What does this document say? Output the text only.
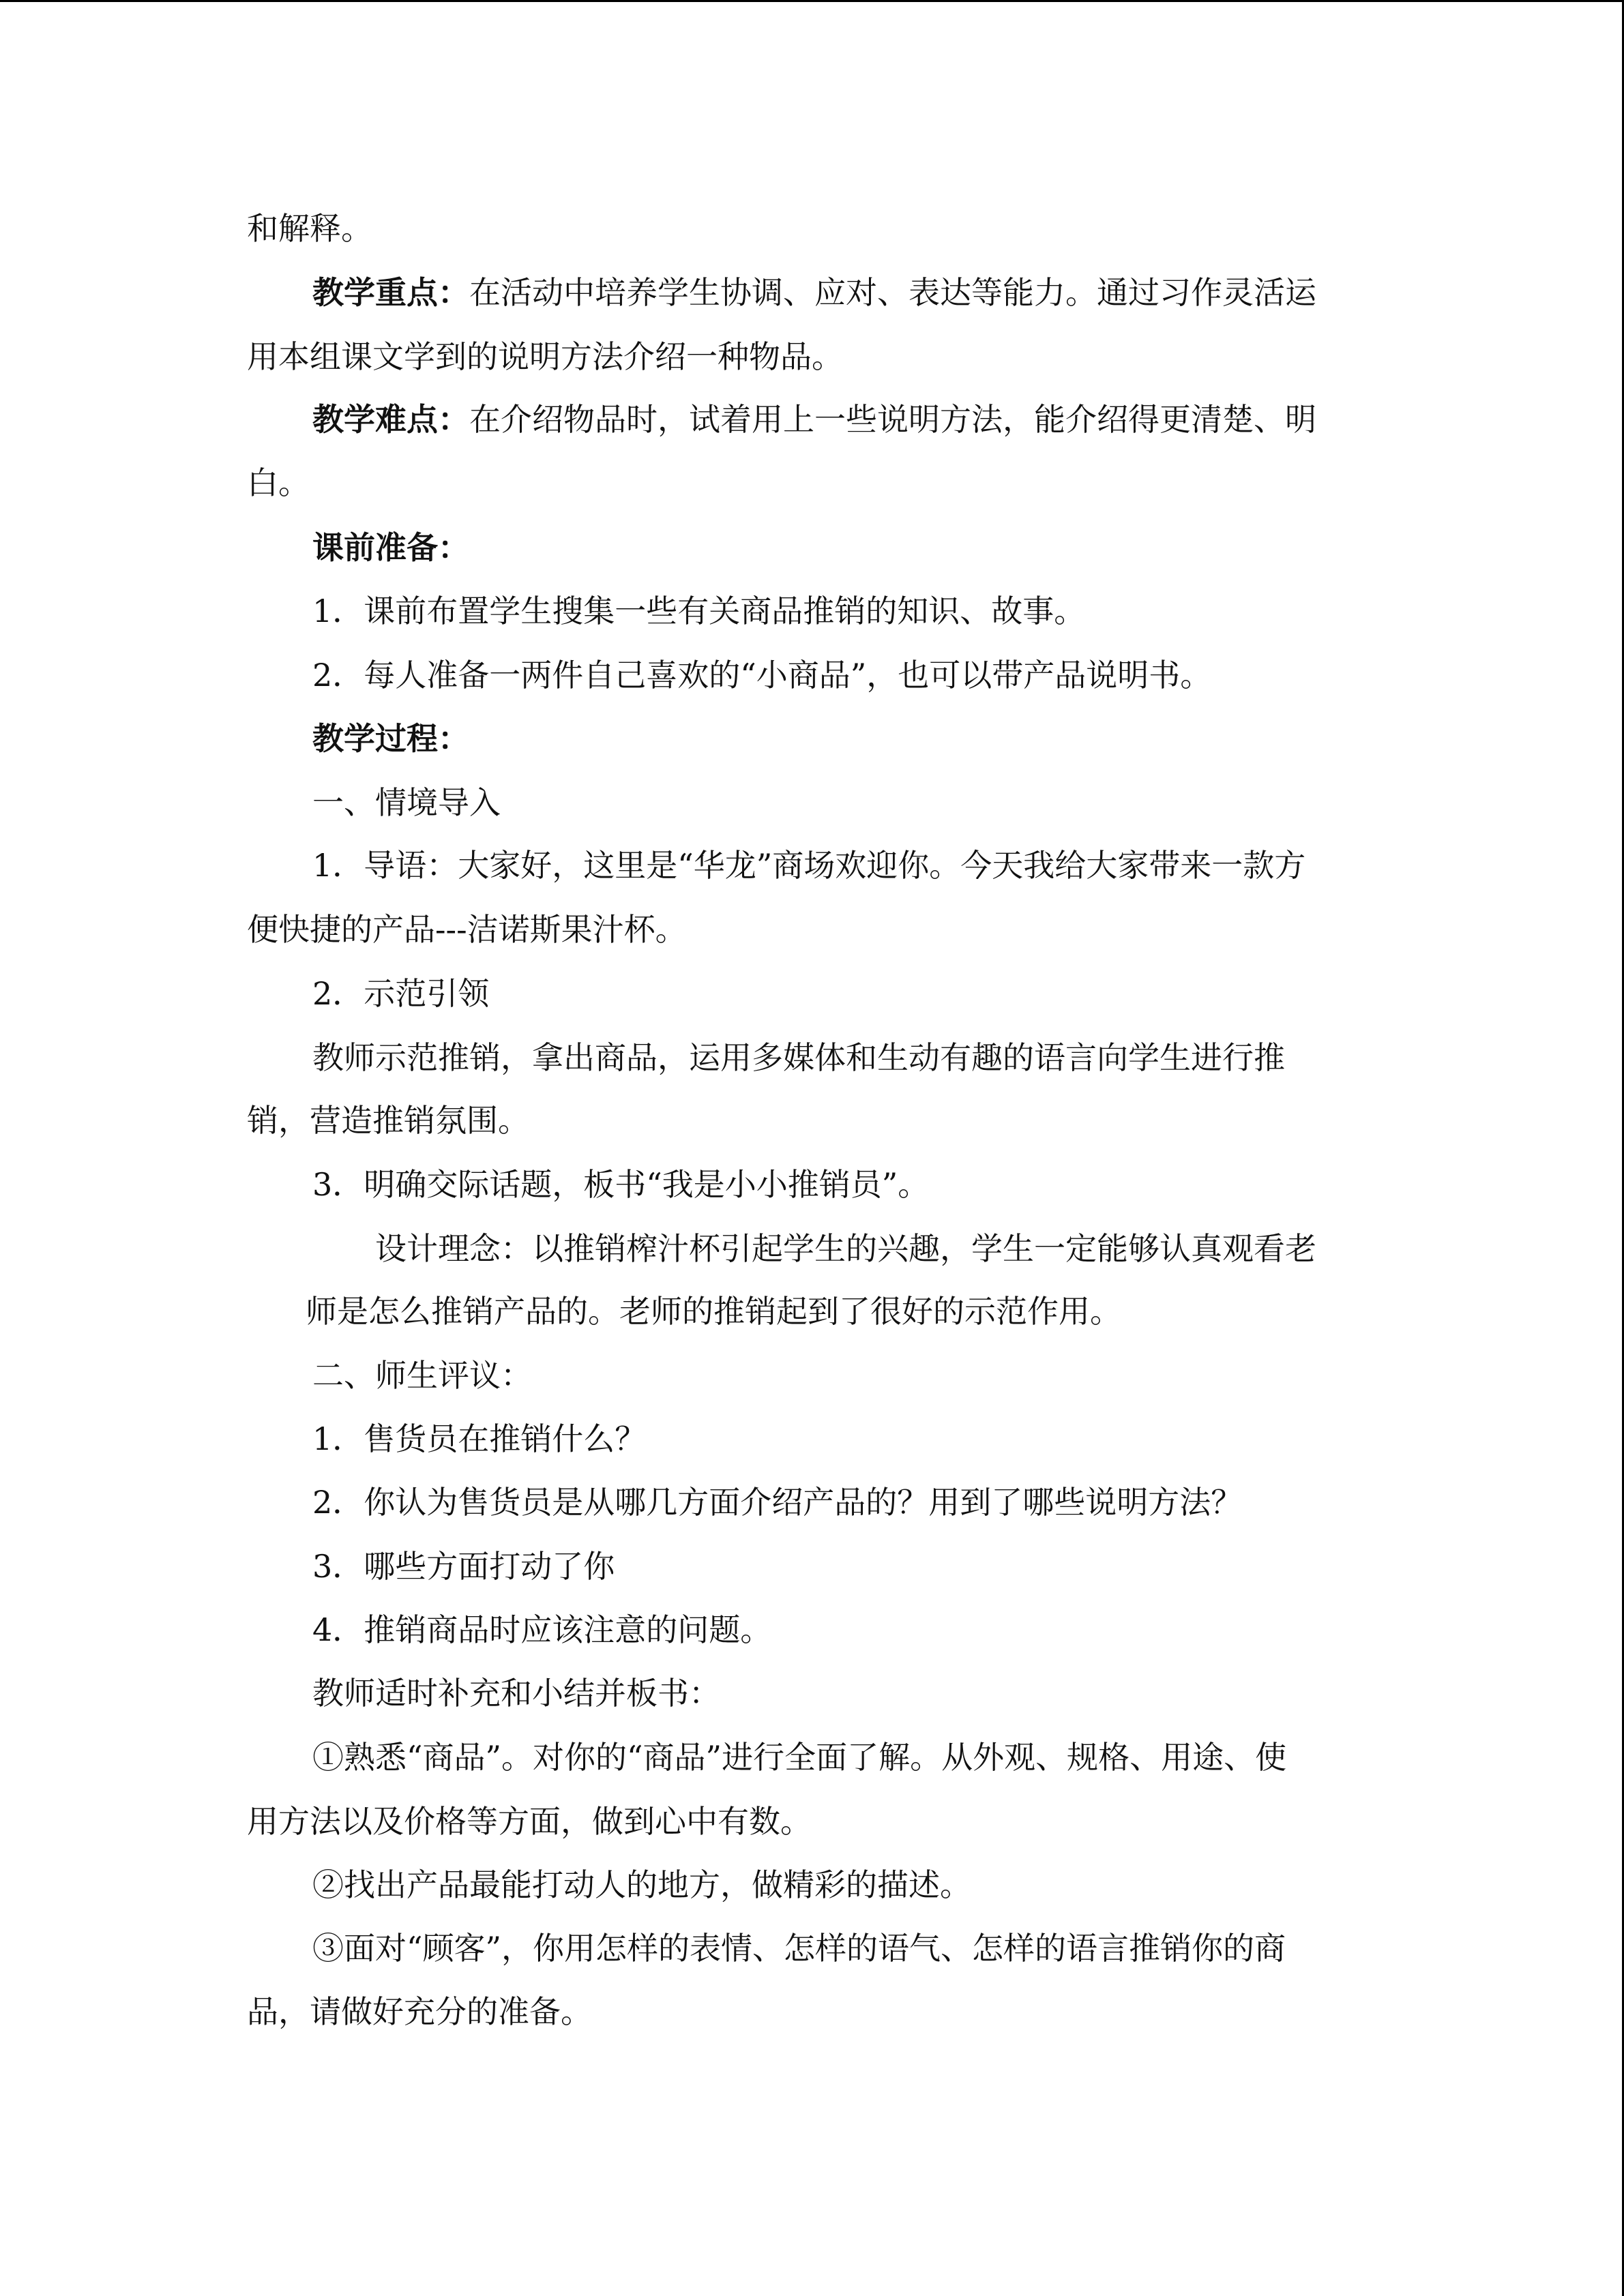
和解释。
教学重点：在活动中培养学生协调、应对、表达等能力。通过习作灵活运
用本组课文学到的说明方法介绍一种物品。
教学难点：在介绍物品时，试着用上一些说明方法，能介绍得更清楚、明
白。
课前准备：
1．课前布置学生搜集一些有关商品推销的知识、故事。
2．每人准备一两件自己喜欢的“小商品”，也可以带产品说明书。
教学过程：
一、情境导入
1．导语：大家好，这里是“华龙”商场欢迎你。今天我给大家带来一款方
便快捷的产品---洁诺斯果汁杯。
2．示范引领
教师示范推销，拿出商品，运用多媒体和生动有趣的语言向学生进行推
销，营造推销氛围。
3．明确交际话题，板书“我是小小推销员”。
设计理念：以推销榨汁杯引起学生的兴趣，学生一定能够认真观看老
师是怎么推销产品的。老师的推销起到了很好的示范作用。
二、师生评议：
1．售货员在推销什么？
2．你认为售货员是从哪几方面介绍产品的？用到了哪些说明方法？
3．哪些方面打动了你
4．推销商品时应该注意的问题。
教师适时补充和小结并板书：
①熟悉“商品”。对你的“商品”进行全面了解。从外观、规格、用途、使
用方法以及价格等方面，做到心中有数。
②找出产品最能打动人的地方，做精彩的描述。
③面对“顾客”，你用怎样的表情、怎样的语气、怎样的语言推销你的商
品，请做好充分的准备。
